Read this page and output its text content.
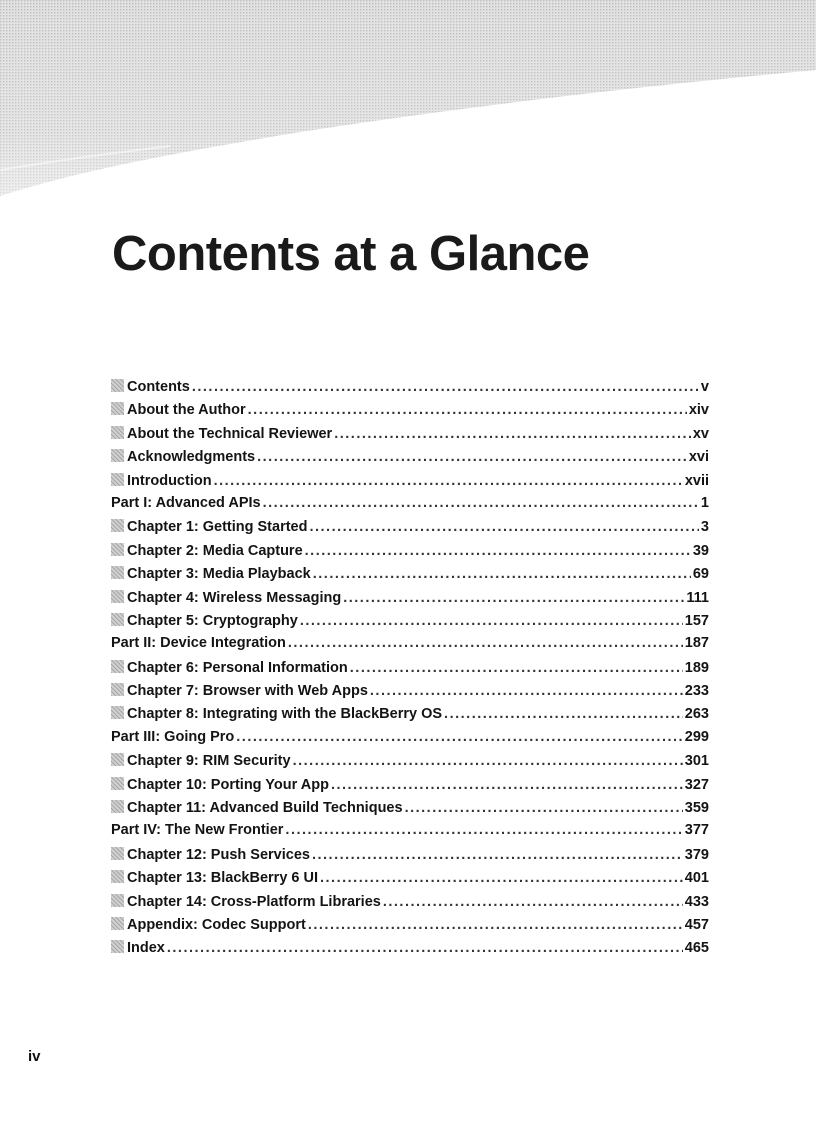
Contents at a Glance
Contents .....	v
About the Author .....	xiv
About the Technical Reviewer .....	xv
Acknowledgments .....	xvi
Introduction .....	xvii
Part I: Advanced APIs .....	1
Chapter 1: Getting Started .....	3
Chapter 2: Media Capture .....	39
Chapter 3: Media Playback .....	69
Chapter 4: Wireless Messaging .....	111
Chapter 5: Cryptography .....	157
Part II: Device Integration .....	187
Chapter 6: Personal Information .....	189
Chapter 7: Browser with Web Apps .....	233
Chapter 8: Integrating with the BlackBerry OS .....	263
Part III: Going Pro .....	299
Chapter 9: RIM Security .....	301
Chapter 10: Porting Your App .....	327
Chapter 11: Advanced Build Techniques .....	359
Part IV: The New Frontier .....	377
Chapter 12: Push Services .....	379
Chapter 13: BlackBerry 6 UI .....	401
Chapter 14: Cross-Platform Libraries .....	433
Appendix: Codec Support .....	457
Index .....	465

iv
